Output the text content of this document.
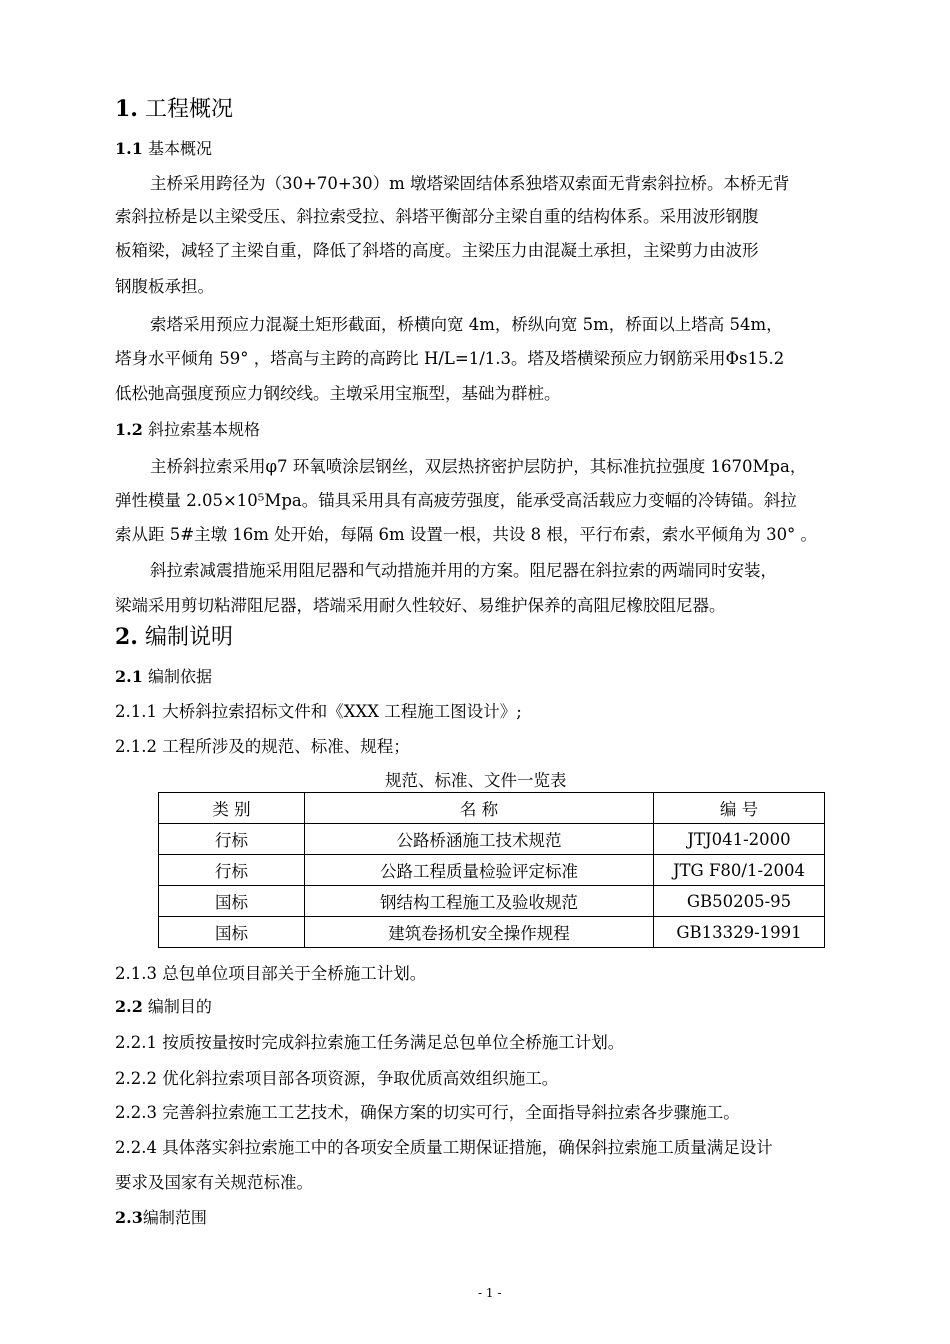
1. 工程概况
1.1 基本概况
主桥采用跨径为（30+70+30）m 墩塔梁固结体系独塔双索面无背索斜拉桥。本桥无背
索斜拉桥是以主梁受压、斜拉索受拉、斜塔平衡部分主梁自重的结构体系。采用波形钢腹
板箱梁，减轻了主梁自重，降低了斜塔的高度。主梁压力由混凝土承担，主梁剪力由波形
钢腹板承担。
索塔采用预应力混凝土矩形截面，桥横向宽 4m，桥纵向宽 5m，桥面以上塔高 54m，
塔身水平倾角 59° ，塔高与主跨的高跨比 H/L=1/1.3。塔及塔横梁预应力钢筋采用Φs15.2
低松弛高强度预应力钢绞线。主墩采用宝瓶型，基础为群桩。
1.2 斜拉索基本规格
主桥斜拉索采用φ7 环氧喷涂层钢丝，双层热挤密护层防护，其标准抗拉强度 1670Mpa，
弹性模量 2.05×10⁵Mpa。锚具采用具有高疲劳强度，能承受高活载应力变幅的冷铸锚。斜拉
索从距 5#主墩 16m 处开始，每隔 6m 设置一根，共设 8 根，平行布索，索水平倾角为 30° 。
斜拉索减震措施采用阻尼器和气动措施并用的方案。阻尼器在斜拉索的两端同时安装，
梁端采用剪切粘滞阻尼器，塔端采用耐久性较好、易维护保养的高阻尼橡胶阻尼器。
2. 编制说明
2.1 编制依据
2.1.1 大桥斜拉索招标文件和《XXX 工程施工图设计》;
2.1.2 工程所涉及的规范、标准、规程；
规范、标准、文件一览表
类 别	名 称	编 号
行标	公路桥涵施工技术规范	JTJ041-2000
行标	公路工程质量检验评定标准	JTG F80/1-2004
国标	钢结构工程施工及验收规范	GB50205-95
国标	建筑卷扬机安全操作规程	GB13329-1991
2.1.3 总包单位项目部关于全桥施工计划。
2.2 编制目的
2.2.1 按质按量按时完成斜拉索施工任务满足总包单位全桥施工计划。
2.2.2 优化斜拉索项目部各项资源，争取优质高效组织施工。
2.2.3 完善斜拉索施工工艺技术，确保方案的切实可行，全面指导斜拉索各步骤施工。
2.2.4 具体落实斜拉索施工中的各项安全质量工期保证措施，确保斜拉索施工质量满足设计
要求及国家有关规范标准。
2.3编制范围
- 1 -
